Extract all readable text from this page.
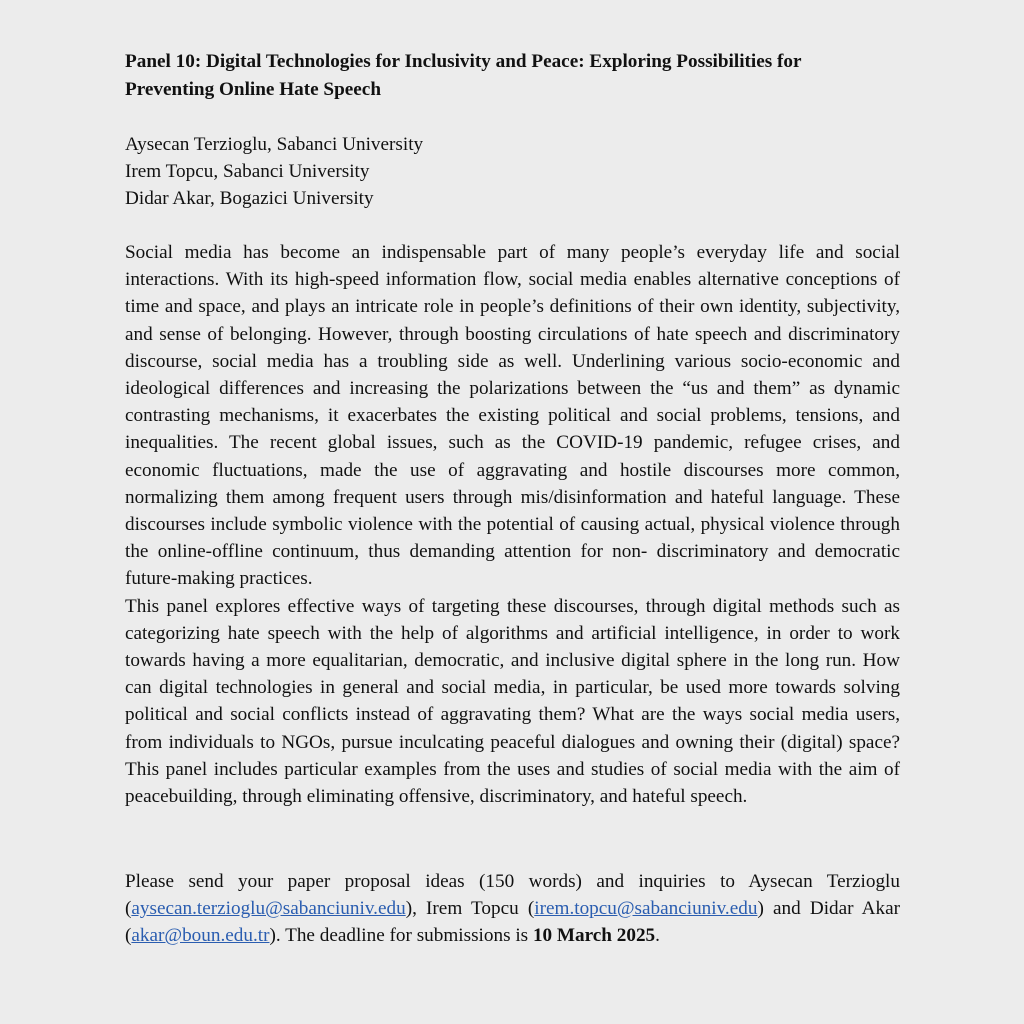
Panel 10: Digital Technologies for Inclusivity and Peace: Exploring Possibilities for Preventing Online Hate Speech
Aysecan Terzioglu, Sabanci University
Irem Topcu, Sabanci University
Didar Akar, Bogazici University

Social media has become an indispensable part of many people’s everyday life and social interactions. With its high-speed information flow, social media enables alternative conceptions of time and space, and plays an intricate role in people’s definitions of their own identity, subjectivity, and sense of belonging. However, through boosting circulations of hate speech and discriminatory discourse, social media has a troubling side as well. Underlining various socio-economic and ideological differences and increasing the polarizations between the “us and them” as dynamic contrasting mechanisms, it exacerbates the existing political and social problems, tensions, and inequalities. The recent global issues, such as the COVID-19 pandemic, refugee crises, and economic fluctuations, made the use of aggravating and hostile discourses more common, normalizing them among frequent users through mis/disinformation and hateful language. These discourses include symbolic violence with the potential of causing actual, physical violence through the online-offline continuum, thus demanding attention for non- discriminatory and democratic future-making practices.

This panel explores effective ways of targeting these discourses, through digital methods such as categorizing hate speech with the help of algorithms and artificial intelligence, in order to work towards having a more equalitarian, democratic, and inclusive digital sphere in the long run. How can digital technologies in general and social media, in particular, be used more towards solving political and social conflicts instead of aggravating them? What are the ways social media users, from individuals to NGOs, pursue inculcating peaceful dialogues and owning their (digital) space? This panel includes particular examples from the uses and studies of social media with the aim of peacebuilding, through eliminating offensive, discriminatory, and hateful speech.

Please send your paper proposal ideas (150 words) and inquiries to Aysecan Terzioglu (aysecan.terzioglu@sabanciuniv.edu), Irem Topcu (irem.topcu@sabanciuniv.edu) and Didar Akar (akar@boun.edu.tr). The deadline for submissions is 10 March 2025.
